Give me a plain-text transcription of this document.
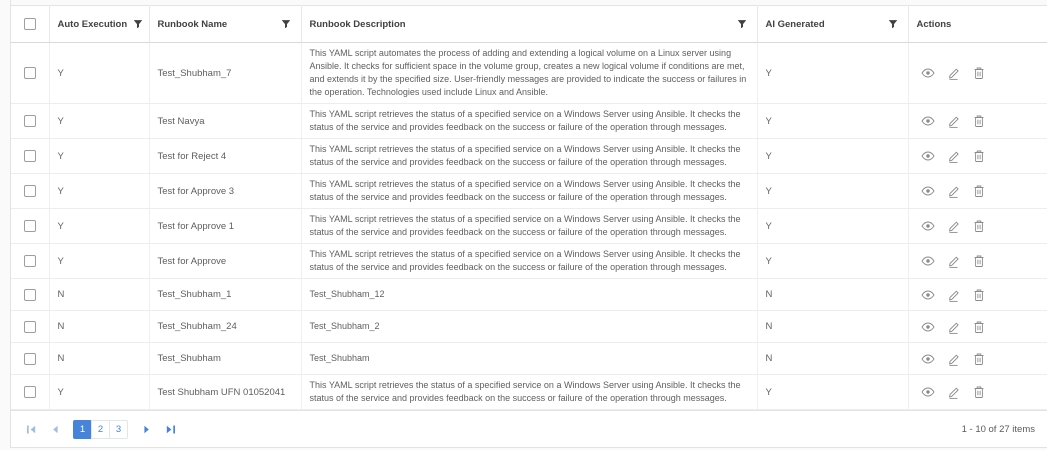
	Auto Execution	Runbook Name	Runbook Description	AI Generated	Actions

	Y	Test_Shubham_7	This YAML script automates the process of adding and extending a logical volume on a Linux server using Ansible. It checks for sufficient space in the volume group, creates a new logical volume if conditions are met, and extends it by the specified size. User-friendly messages are provided to indicate the success or failures in the operation. Technologies used include Linux and Ansible.	Y	

	Y	Test Navya	This YAML script retrieves the status of a specified service on a Windows Server using Ansible. It checks the status of the service and provides feedback on the success or failure of the operation through messages.	Y	

	Y	Test for Reject 4	This YAML script retrieves the status of a specified service on a Windows Server using Ansible. It checks the status of the service and provides feedback on the success or failure of the operation through messages.	Y	

	Y	Test for Approve 3	This YAML script retrieves the status of a specified service on a Windows Server using Ansible. It checks the status of the service and provides feedback on the success or failure of the operation through messages.	Y	

	Y	Test for Approve 1	This YAML script retrieves the status of a specified service on a Windows Server using Ansible. It checks the status of the service and provides feedback on the success or failure of the operation through messages.	Y	

	Y	Test for Approve	This YAML script retrieves the status of a specified service on a Windows Server using Ansible. It checks the status of the service and provides feedback on the success or failure of the operation through messages.	Y	

	N	Test_Shubham_1	Test_Shubham_12	N	

	N	Test_Shubham_24	Test_Shubham_2	N	

	N	Test_Shubham	Test_Shubham	N	

	Y	Test Shubham UFN 01052041	This YAML script retrieves the status of a specified service on a Windows Server using Ansible. It checks the status of the service and provides feedback on the success or failure of the operation through messages.	Y	

1	2	3	1 - 10 of 27 items
